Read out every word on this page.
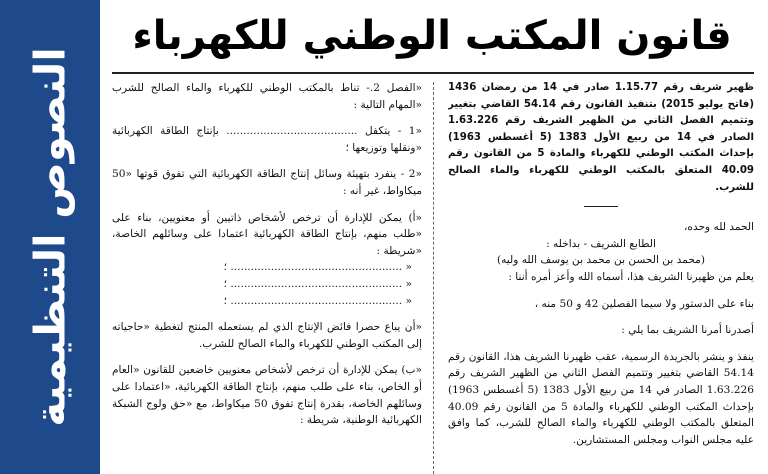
النصوص التنظيمية
قانون المكتب الوطني للكهرباء

ظهير شريف رقم 1.15.77 صادر في 14 من رمضان 1436 (فاتح يوليو 2015) بتنفيذ القانون رقم 54.14 القاضي بتغيير وتتميم الفصل الثاني من الظهير الشريف رقم 1.63.226 الصادر في 14 من ربيع الأول 1383 (5 أغسطس 1963) بإحداث المكتب الوطني للكهرباء والمادة 5 من القانون رقم 40.09 المتعلق بالمكتب الوطني للكهرباء والماء الصالح للشرب.

الحمد لله وحده،

الطابع الشريف - بداخله :

(محمد بن الحسن بن محمد بن يوسف الله وليه)

يعلم من ظهيرنا الشريف هذا، أسماه الله وأعز أمره أننا :

بناء على الدستور ولا سيما الفصلين 42 و 50 منه ،

أصدرنا أمرنا الشريف بما يلي :

ينفذ و ينشر بالجريدة الرسمية، عقب ظهيرنا الشريف هذا، القانون رقم 54.14 القاضي بتغيير وتتميم الفصل الثاني من الظهير الشريف رقم 1.63.226 الصادر في 14 من ربيع الأول 1383 (5 أغسطس 1963) بإحداث المكتب الوطني للكهرباء والمادة 5 من القانون رقم 40.09 المتعلق بالمكتب الوطني للكهرباء والماء الصالح للشرب، كما وافق عليه مجلس النواب ومجلس المستشارين.

«الفصل 2.- تناط بالمكتب الوطني للكهرباء والماء الصالح للشرب «المهام التالية :

«1 - يتكفل ....................................... بإنتاج الطاقة الكهربائية «ونقلها وتوزيعها ؛

«2 - ينفرد بتهيئة وسائل إنتاج الطاقة الكهربائية التي تفوق قوتها «50 ميكاواط، غير أنه :

«أ) يمكن للإدارة أن ترخص لأشخاص ذاتيين أو معنويين، بناء على «طلب منهم، بإنتاج الطاقة الكهربائية اعتمادا على وسائلهم الخاصة، «شريطة :

« ................................................... ؛

« ................................................... ؛

« ................................................... ؛

«أن يباع حصرا فائض الإنتاج الذي لم يستعمله المنتج لتغطية «حاجياته إلى المكتب الوطني للكهرباء والماء الصالح للشرب.

«ب) يمكن للإدارة أن ترخص لأشخاص معنويين خاضعين للقانون «العام أو الخاص، بناء على طلب منهم، بإنتاج الطاقة الكهربائية، «اعتمادا على وسائلهم الخاصة، بقدرة إنتاج تفوق 50 ميكاواط، مع «حق ولوج الشبكة الكهربائية الوطنية، شريطة :
